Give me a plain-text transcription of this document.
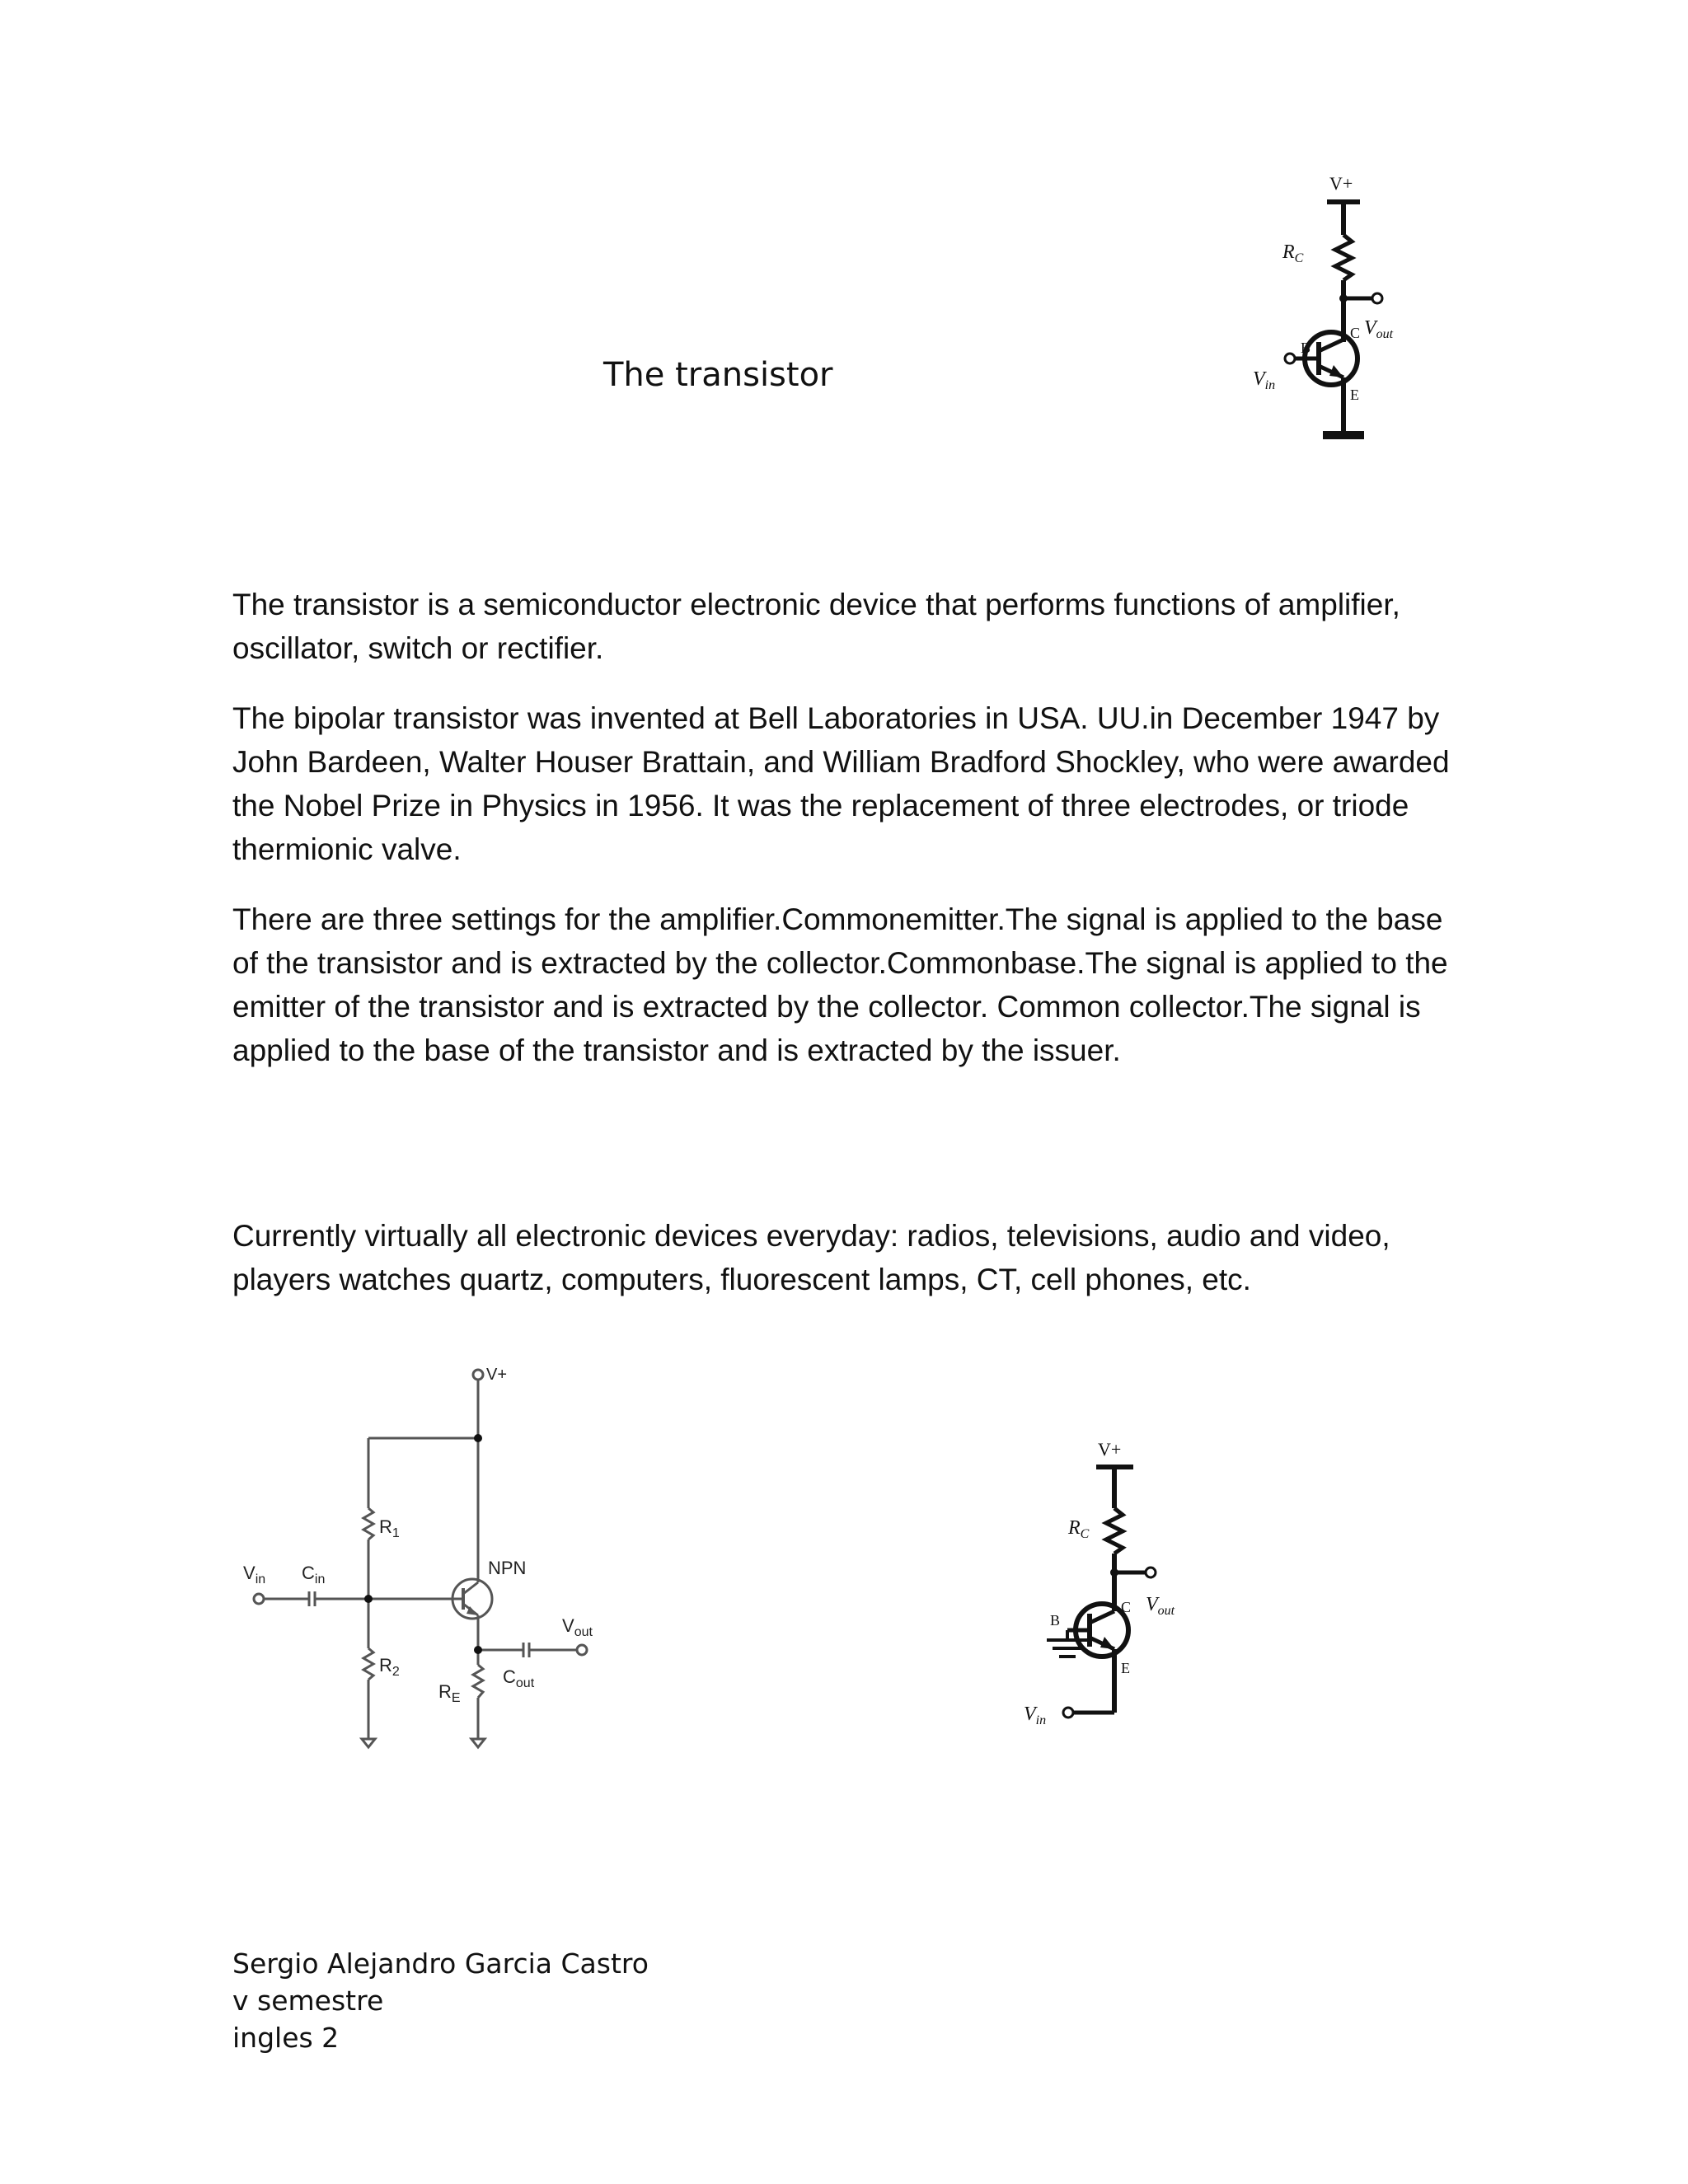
The transistor
V+
$R_C$
$V_{out}$
C
B
E
$V_{in}$

The transistor is a semiconductor electronic device that performs functions of amplifier, oscillator, switch or rectifier.

The bipolar transistor was invented at Bell Laboratories in USA. UU.in December 1947 by John Bardeen, Walter Houser Brattain, and William Bradford Shockley, who were awarded the Nobel Prize in Physics in 1956. It was the replacement of three electrodes, or triode thermionic valve.

There are three settings for the amplifier.Commonemitter.The signal is applied to the base of the transistor and is extracted by the collector.Commonbase.The signal is applied to the emitter of the transistor and is extracted by the collector. Common collector.The signal is applied to the base of the transistor and is extracted by the issuer.

Currently virtually all electronic devices everyday: radios, televisions, audio and video, players watches quartz, computers, fluorescent lamps, CT, cell phones, etc.

V+
$R_1$
NPN
$V_{in}$ $C_{in}$
$V_{out}$
$R_2$	$C_{out}$
$R_E$
V+
$R_C$
C $V_{out}$
B
E
$V_{in}$
Sergio Alejandro Garcia Castro
v semestre
ingles 2
